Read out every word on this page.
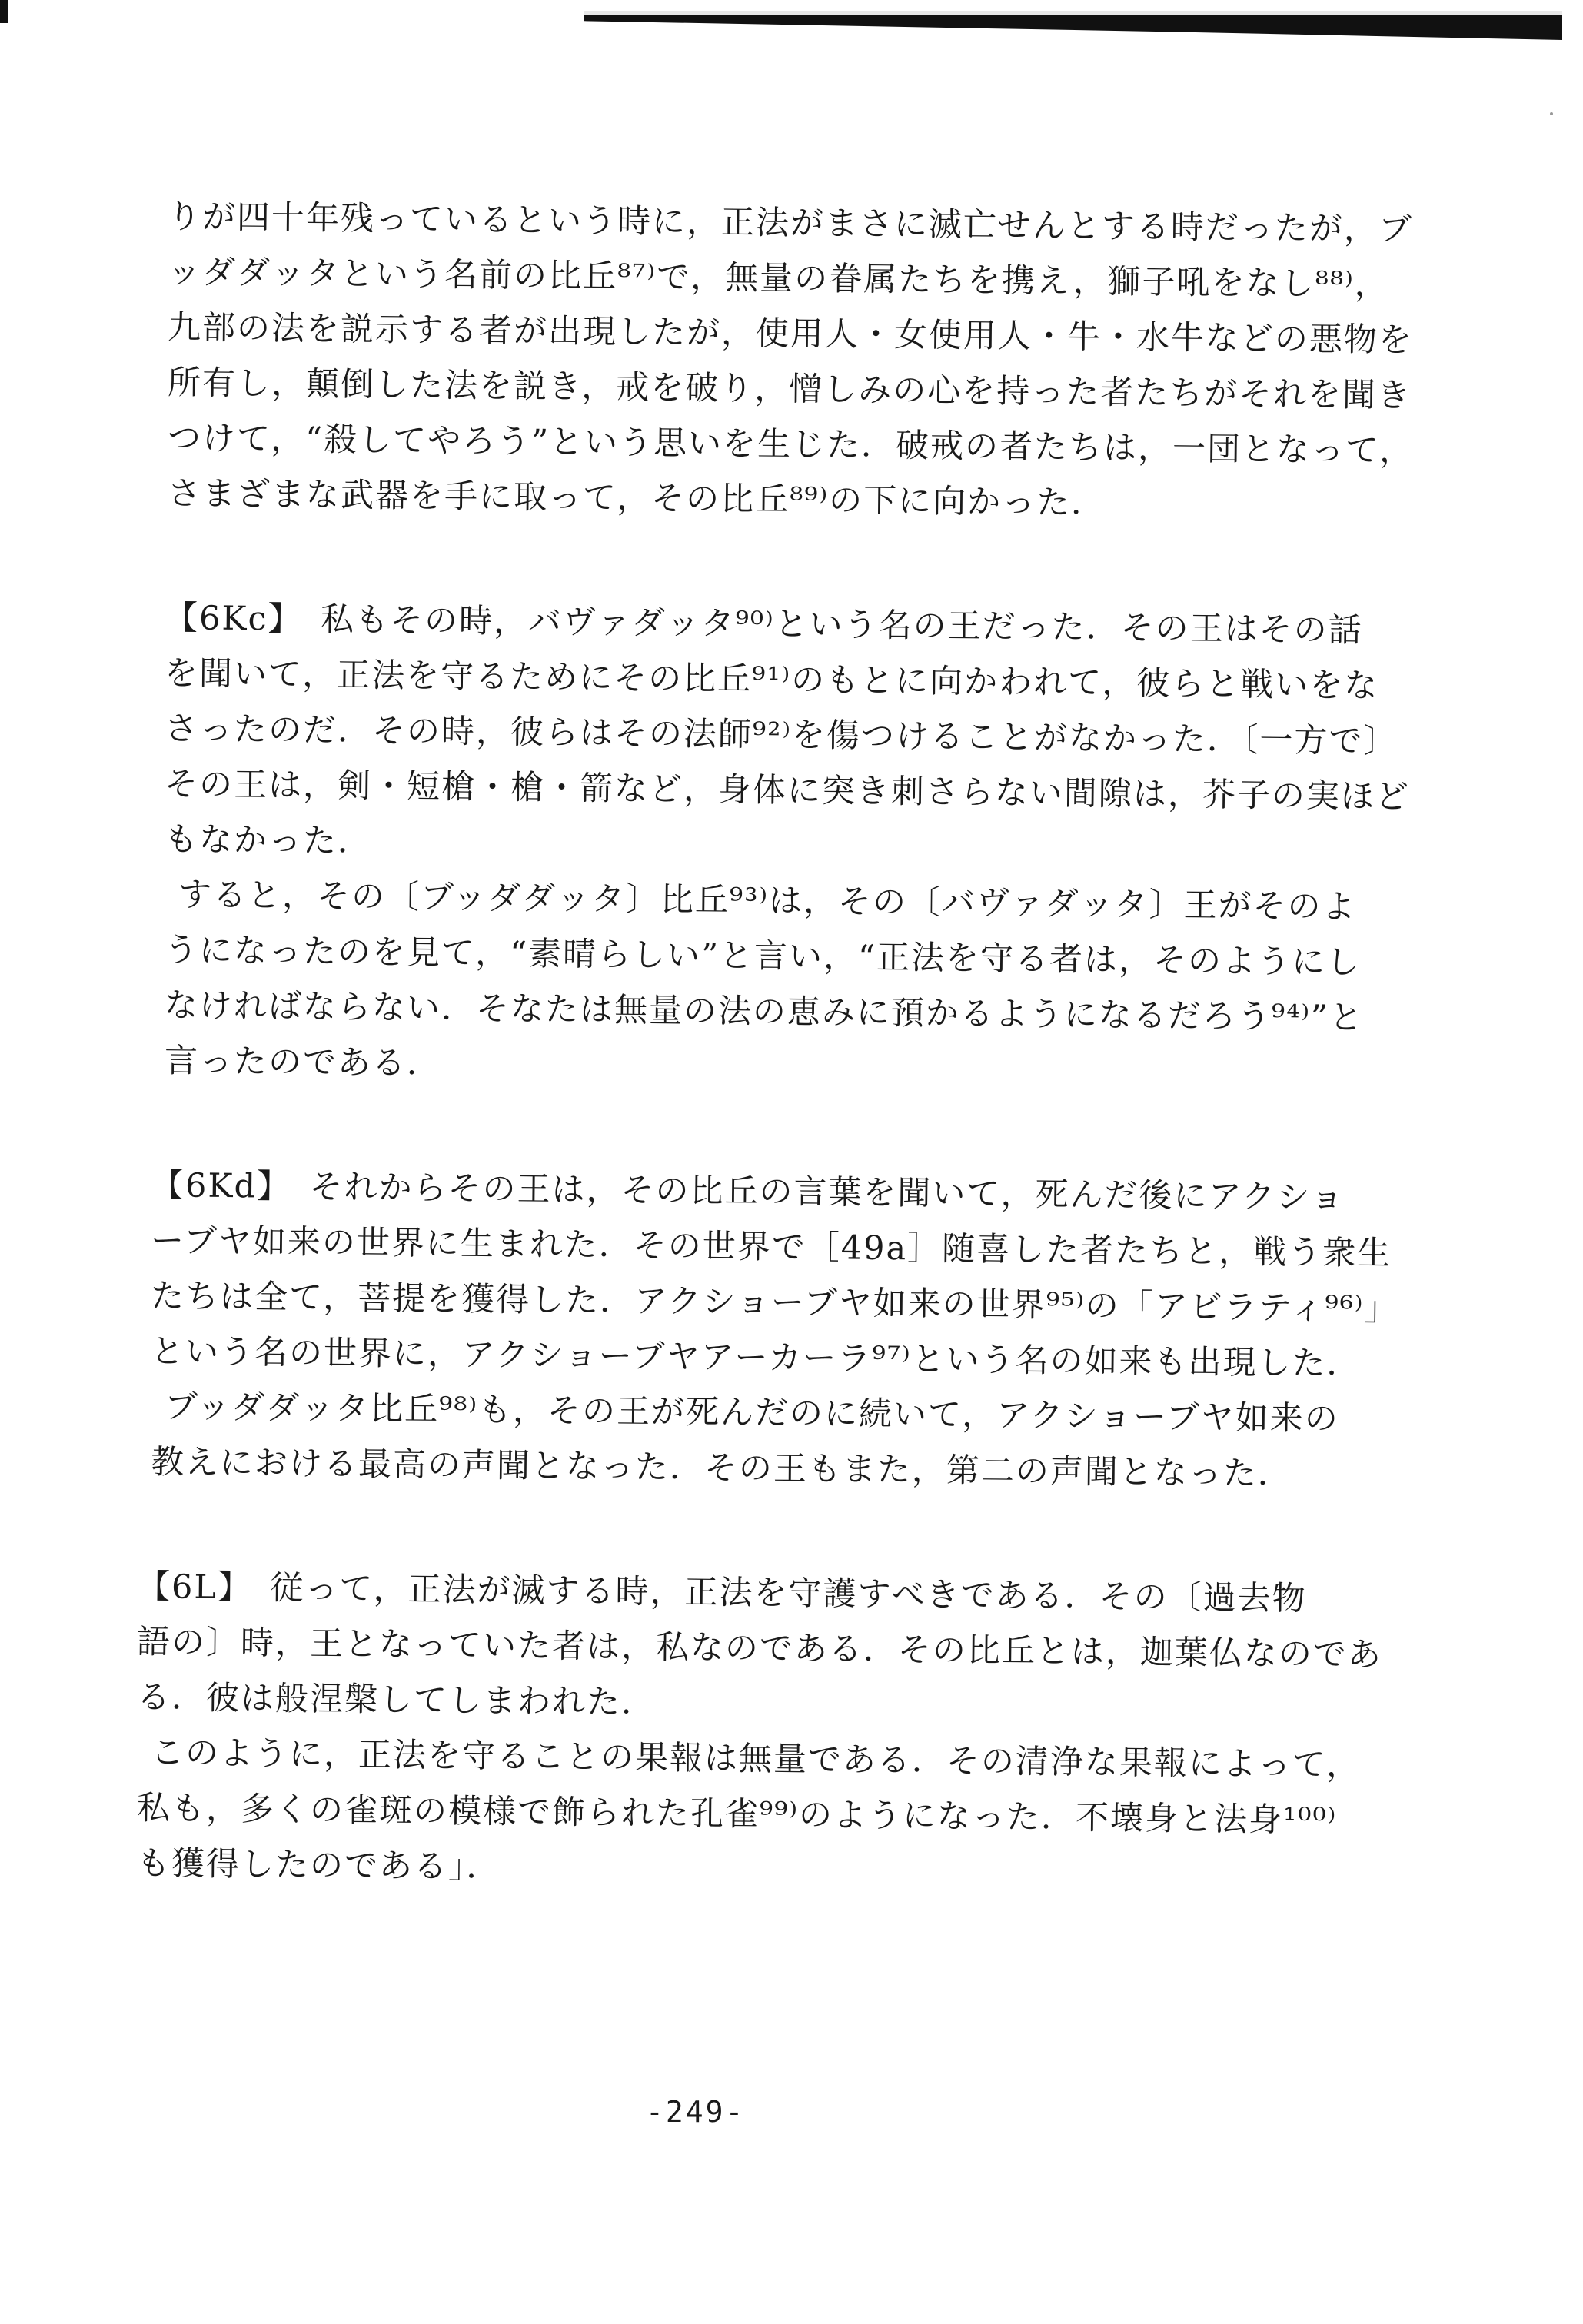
りが四十年残っているという時に，正法がまさに滅亡せんとする時だったが，ブ
ッダダッタという名前の比丘⁸⁷⁾で，無量の眷属たちを携え，獅子吼をなし⁸⁸⁾，
九部の法を説示する者が出現したが，使用人・女使用人・牛・水牛などの悪物を
所有し，顛倒した法を説き，戒を破り，憎しみの心を持った者たちがそれを聞き
つけて，“殺してやろう”という思いを生じた．破戒の者たちは，一団となって，
さまざまな武器を手に取って，その比丘⁸⁹⁾の下に向かった．
【6Kc】　私もその時，バヴァダッタ⁹⁰⁾という名の王だった．その王はその話
を聞いて，正法を守るためにその比丘⁹¹⁾のもとに向かわれて，彼らと戦いをな
さったのだ．その時，彼らはその法師⁹²⁾を傷つけることがなかった．〔一方で〕
その王は，剣・短槍・槍・箭など，身体に突き刺さらない間隙は，芥子の実ほど
もなかった．
すると，その〔ブッダダッタ〕比丘⁹³⁾は，その〔バヴァダッタ〕王がそのよ
うになったのを見て，“素晴らしい”と言い，“正法を守る者は，そのようにし
なければならない．そなたは無量の法の恵みに預かるようになるだろう⁹⁴⁾”と
言ったのである．
【6Kd】　それからその王は，その比丘の言葉を聞いて，死んだ後にアクショ
ーブヤ如来の世界に生まれた．その世界で［49a］随喜した者たちと，戦う衆生
たちは全て，菩提を獲得した．アクショーブヤ如来の世界⁹⁵⁾の「アビラティ⁹⁶⁾」
という名の世界に，アクショーブヤアーカーラ⁹⁷⁾という名の如来も出現した．
ブッダダッタ比丘⁹⁸⁾も，その王が死んだのに続いて，アクショーブヤ如来の
教えにおける最高の声聞となった．その王もまた，第二の声聞となった．
【6L】　従って，正法が滅する時，正法を守護すべきである．その〔過去物
語の〕時，王となっていた者は，私なのである．その比丘とは，迦葉仏なのであ
る．彼は般涅槃してしまわれた．
このように，正法を守ることの果報は無量である．その清浄な果報によって，
私も，多くの雀斑の模様で飾られた孔雀⁹⁹⁾のようになった．不壊身と法身¹⁰⁰⁾
も獲得したのである」．
-249-
